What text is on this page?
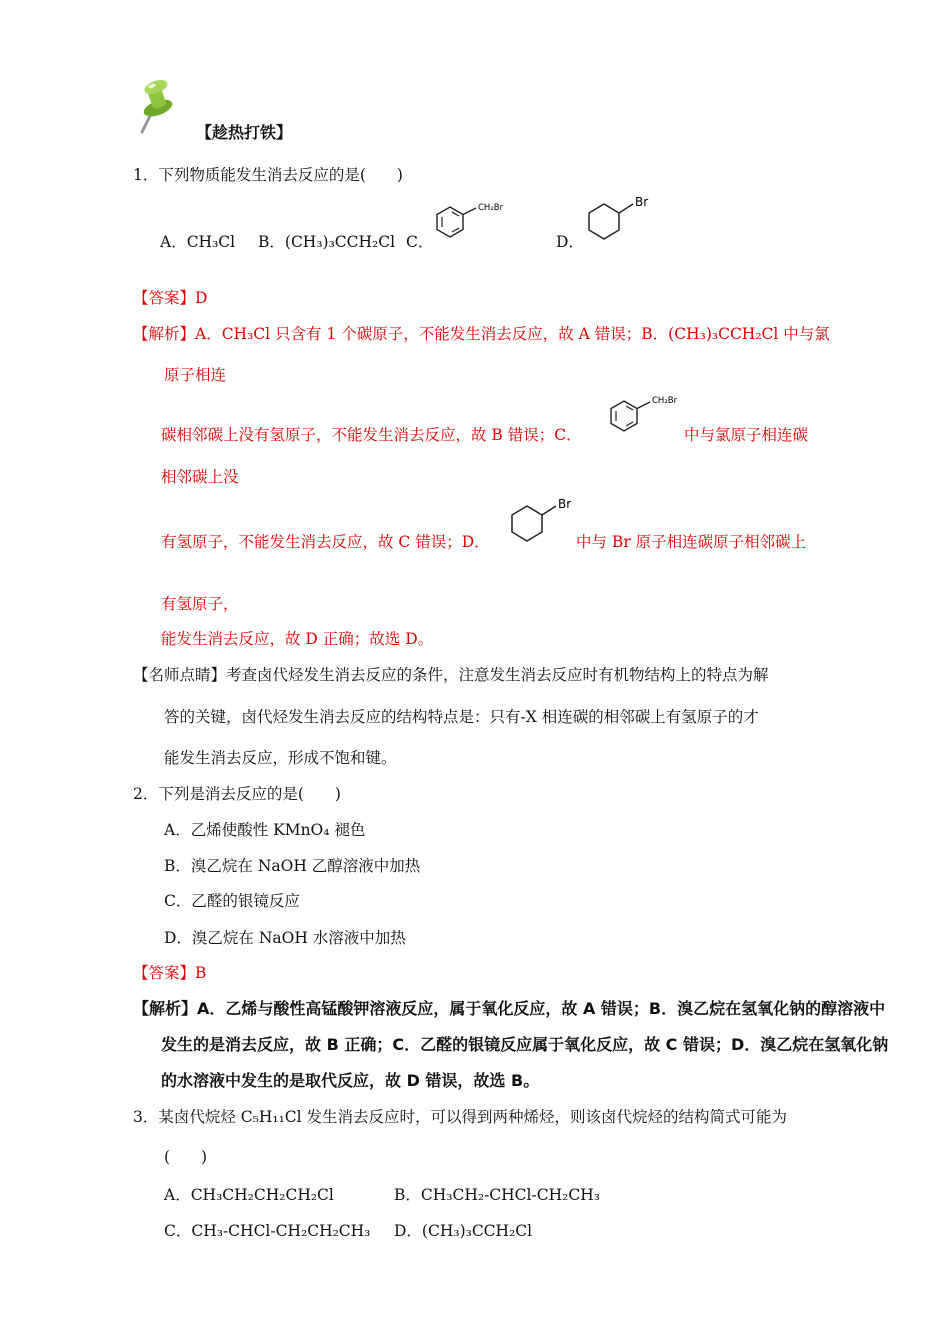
【趁热打铁】
1．下列物质能发生消去反应的是(　　)
A．CH₃Cl B．(CH₃)₃CCH₂Cl C．
CH₂Br
D．
Br
【答案】D
【解析】A．CH₃Cl 只含有 1 个碳原子，不能发生消去反应，故 A 错误；B．(CH₃)₃CCH₂Cl 中与氯
原子相连
碳相邻碳上没有氢原子，不能发生消去反应，故 B 错误；C．
CH₂Br
中与氯原子相连碳
相邻碳上没
有氢原子，不能发生消去反应，故 C 错误；D．
Br
中与 Br 原子相连碳原子相邻碳上
有氢原子，
能发生消去反应，故 D 正确；故选 D。
【名师点睛】考查卤代烃发生消去反应的条件，注意发生消去反应时有机物结构上的特点为解
答的关键，卤代烃发生消去反应的结构特点是：只有-X 相连碳的相邻碳上有氢原子的才
能发生消去反应，形成不饱和键。
2．下列是消去反应的是(　　)
A．乙烯使酸性 KMnO₄ 褪色
B．溴乙烷在 NaOH 乙醇溶液中加热
C．乙醛的银镜反应
D．溴乙烷在 NaOH 水溶液中加热
【答案】B
【解析】A．乙烯与酸性高锰酸钾溶液反应，属于氧化反应，故 A 错误；B．溴乙烷在氢氧化钠的醇溶液中
发生的是消去反应，故 B 正确；C．乙醛的银镜反应属于氧化反应，故 C 错误；D．溴乙烷在氢氧化钠
的水溶液中发生的是取代反应，故 D 错误，故选 B。
3．某卤代烷烃 C₅H₁₁Cl 发生消去反应时，可以得到两种烯烃，则该卤代烷烃的结构简式可能为
(　　)
A．CH₃CH₂CH₂CH₂Cl	B．CH₃CH₂-CHCl-CH₂CH₃
C．CH₃-CHCl-CH₂CH₂CH₃ D．(CH₃)₃CCH₂Cl
